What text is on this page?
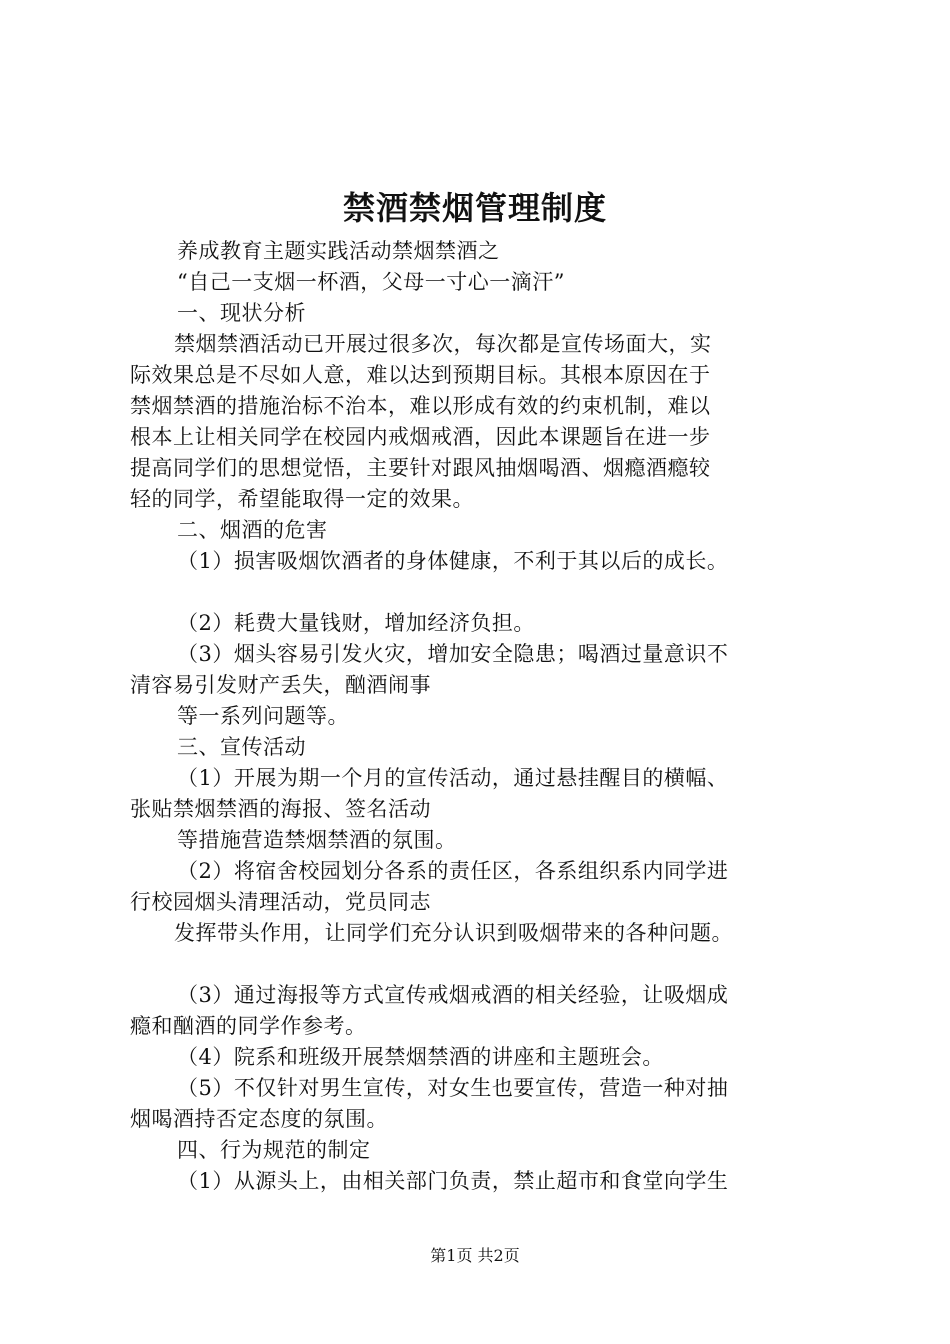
禁酒禁烟管理制度

养成教育主题实践活动禁烟禁酒之

“自己一支烟一杯酒，父母一寸心一滴汗”

一、现状分析

禁烟禁酒活动已开展过很多次，每次都是宣传场面大，实

际效果总是不尽如人意，难以达到预期目标。其根本原因在于

禁烟禁酒的措施治标不治本，难以形成有效的约束机制，难以

根本上让相关同学在校园内戒烟戒酒，因此本课题旨在进一步

提高同学们的思想觉悟，主要针对跟风抽烟喝酒、烟瘾酒瘾较

轻的同学，希望能取得一定的效果。

二、烟酒的危害

（1）损害吸烟饮酒者的身体健康，不利于其以后的成长。

（2）耗费大量钱财，增加经济负担。

（3）烟头容易引发火灾，增加安全隐患；喝酒过量意识不

清容易引发财产丢失，酗酒闹事

等一系列问题等。

三、宣传活动

（1）开展为期一个月的宣传活动，通过悬挂醒目的横幅、

张贴禁烟禁酒的海报、签名活动

等措施营造禁烟禁酒的氛围。

（2）将宿舍校园划分各系的责任区，各系组织系内同学进

行校园烟头清理活动，党员同志

发挥带头作用，让同学们充分认识到吸烟带来的各种问题。

（3）通过海报等方式宣传戒烟戒酒的相关经验，让吸烟成

瘾和酗酒的同学作参考。

（4）院系和班级开展禁烟禁酒的讲座和主题班会。

（5）不仅针对男生宣传，对女生也要宣传，营造一种对抽

烟喝酒持否定态度的氛围。

四、行为规范的制定

（1）从源头上，由相关部门负责，禁止超市和食堂向学生

第1页 共2页
